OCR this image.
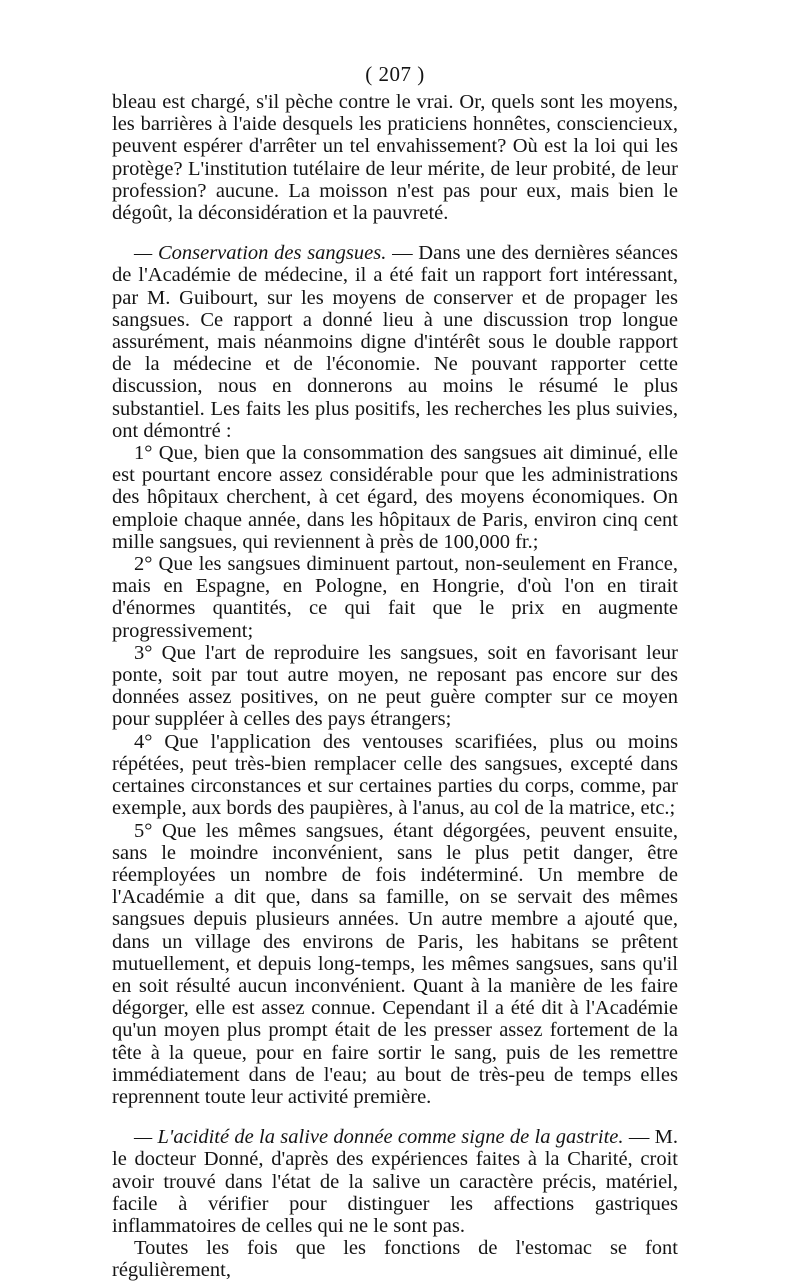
( 207 )

bleau est chargé, s'il pèche contre le vrai. Or, quels sont les moyens, les barrières à l'aide desquels les praticiens honnêtes, consciencieux, peuvent espérer d'arrêter un tel envahissement? Où est la loi qui les protège? L'institution tutélaire de leur mérite, de leur probité, de leur profession? aucune. La moisson n'est pas pour eux, mais bien le dégoût, la déconsidération et la pauvreté.

— Conservation des sangsues. — Dans une des dernières séances de l'Académie de médecine, il a été fait un rapport fort intéressant, par M. Guibourt, sur les moyens de conserver et de propager les sangsues. Ce rapport a donné lieu à une discussion trop longue assurément, mais néanmoins digne d'intérêt sous le double rapport de la médecine et de l'économie. Ne pouvant rapporter cette discussion, nous en donnerons au moins le résumé le plus substantiel. Les faits les plus positifs, les recherches les plus suivies, ont démontré :

1° Que, bien que la consommation des sangsues ait diminué, elle est pourtant encore assez considérable pour que les administrations des hôpitaux cherchent, à cet égard, des moyens économiques. On emploie chaque année, dans les hôpitaux de Paris, environ cinq cent mille sangsues, qui reviennent à près de 100,000 fr.;

2° Que les sangsues diminuent partout, non-seulement en France, mais en Espagne, en Pologne, en Hongrie, d'où l'on en tirait d'énormes quantités, ce qui fait que le prix en augmente progressivement;

3° Que l'art de reproduire les sangsues, soit en favorisant leur ponte, soit par tout autre moyen, ne reposant pas encore sur des données assez positives, on ne peut guère compter sur ce moyen pour suppléer à celles des pays étrangers;

4° Que l'application des ventouses scarifiées, plus ou moins répétées, peut très-bien remplacer celle des sangsues, excepté dans certaines circonstances et sur certaines parties du corps, comme, par exemple, aux bords des paupières, à l'anus, au col de la matrice, etc.;

5° Que les mêmes sangsues, étant dégorgées, peuvent ensuite, sans le moindre inconvénient, sans le plus petit danger, être réemployées un nombre de fois indéterminé. Un membre de l'Académie a dit que, dans sa famille, on se servait des mêmes sangsues depuis plusieurs années. Un autre membre a ajouté que, dans un village des environs de Paris, les habitans se prêtent mutuellement, et depuis long-temps, les mêmes sangsues, sans qu'il en soit résulté aucun inconvénient. Quant à la manière de les faire dégorger, elle est assez connue. Cependant il a été dit à l'Académie qu'un moyen plus prompt était de les presser assez fortement de la tête à la queue, pour en faire sortir le sang, puis de les remettre immédiatement dans de l'eau; au bout de très-peu de temps elles reprennent toute leur activité première.

— L'acidité de la salive donnée comme signe de la gastrite. — M. le docteur Donné, d'après des expériences faites à la Charité, croit avoir trouvé dans l'état de la salive un caractère précis, matériel, facile à vérifier pour distinguer les affections gastriques inflammatoires de celles qui ne le sont pas.

Toutes les fois que les fonctions de l'estomac se font régulièrement,
